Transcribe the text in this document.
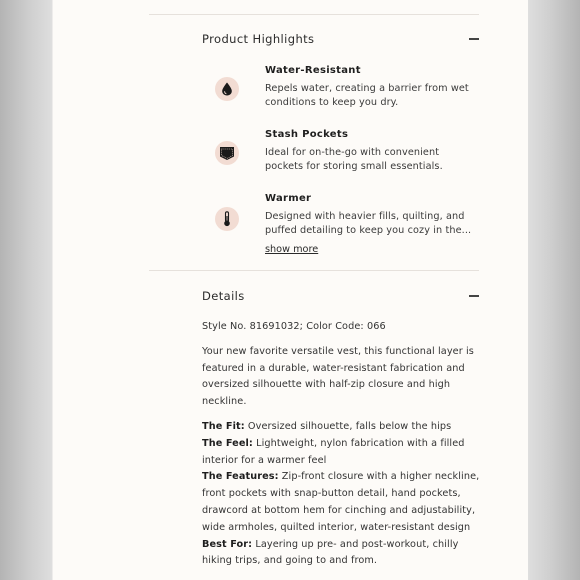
Product Highlights
Water-Resistant
Repels water, creating a barrier from wet conditions to keep you dry.
Stash Pockets
Ideal for on-the-go with convenient pockets for storing small essentials.
Warmer
Designed with heavier fills, quilting, and puffed detailing to keep you cozy in the...
show more
Details

Style No. 81691032; Color Code: 066

Your new favorite versatile vest, this functional layer is featured in a durable, water-resistant fabrication and oversized silhouette with half-zip closure and high neckline.

The Fit: Oversized silhouette, falls below the hips

The Feel: Lightweight, nylon fabrication with a filled interior for a warmer feel

The Features: Zip-front closure with a higher neckline, front pockets with snap-button detail, hand pockets, drawcord at bottom hem for cinching and adjustability, wide armholes, quilted interior, water-resistant design

Best For: Layering up pre- and post-workout, chilly hiking trips, and going to and from.
